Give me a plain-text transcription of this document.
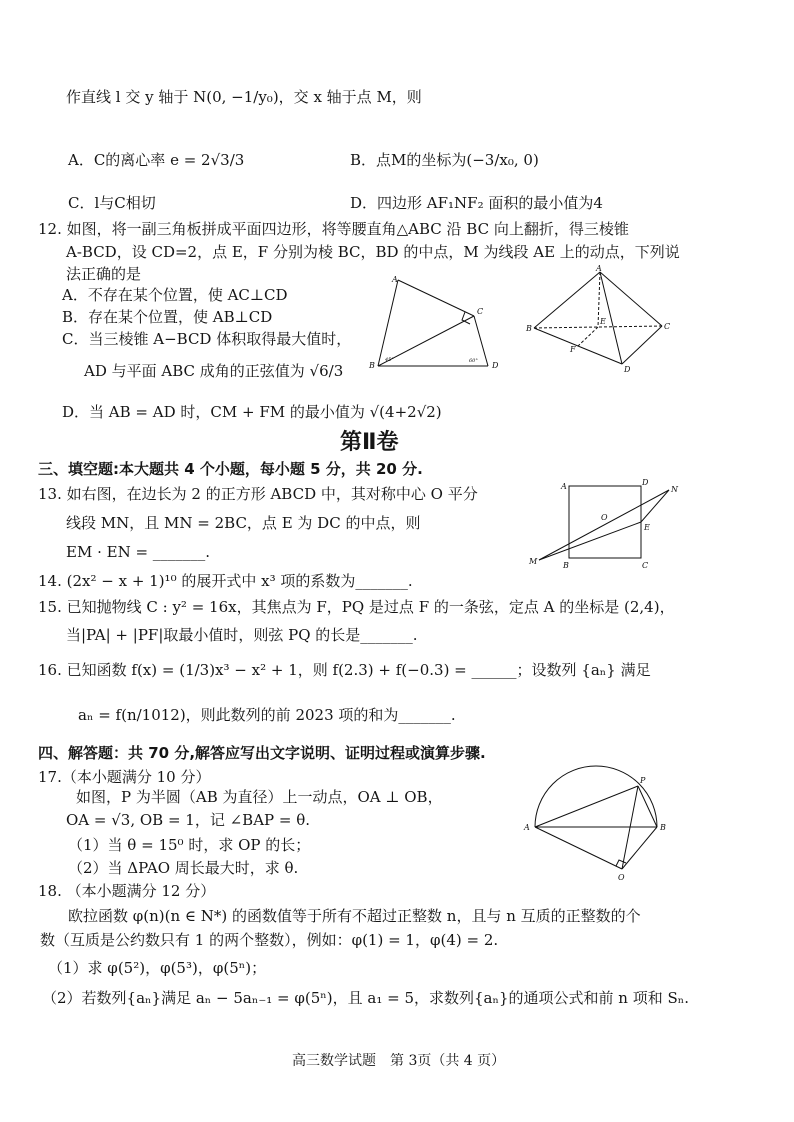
作直线 l 交 y 轴于 N(0, −1/y₀)，交 x 轴于点 M，则
A．C的离心率 e = 2√3/3	B．点M的坐标为(−3/x₀, 0)
C．l与C相切	D．四边形 AF₁NF₂ 面积的最小值为4
12. 如图，将一副三角板拼成平面四边形，将等腰直角△ABC 沿 BC 向上翻折，得三棱锥
A-BCD，设 CD=2，点 E，F 分别为棱 BC，BD 的中点，M 为线段 AE 上的动点，下列说
法正确的是
A．不存在某个位置，使 AC⊥CD
B．存在某个位置，使 AB⊥CD
C．当三棱锥 A−BCD 体积取得最大值时，
AD 与平面 ABC 成角的正弦值为 √6/3
D．当 AB = AD 时，CM + FM 的最小值为 √(4+2√2)
第Ⅱ卷
三、填空题:本大题共 4 个小题，每小题 5 分，共 20 分.
13. 如右图，在边长为 2 的正方形 ABCD 中，其对称中心 O 平分
线段 MN，且 MN = 2BC，点 E 为 DC 的中点，则
EM · EN = _______.
14. (2x² − x + 1)¹⁰ 的展开式中 x³ 项的系数为_______.
15. 已知抛物线 C : y² = 16x，其焦点为 F，PQ 是过点 F 的一条弦，定点 A 的坐标是 (2,4)，
当|PA| + |PF|取最小值时，则弦 PQ 的长是_______.
16. 已知函数 f(x) = (1/3)x³ − x² + 1，则 f(2.3) + f(−0.3) = ______；设数列 {aₙ} 满足
aₙ = f(n/1012)，则此数列的前 2023 项的和为_______.
四、解答题：共 70 分,解答应写出文字说明、证明过程或演算步骤.
17.（本小题满分 10 分）
如图，P 为半圆（AB 为直径）上一动点，OA ⊥ OB，
OA = √3, OB = 1，记 ∠BAP = θ.
（1）当 θ = 15⁰ 时，求 OP 的长；
（2）当 ΔPAO 周长最大时，求 θ.
18. （本小题满分 12 分）
欧拉函数 φ(n)(n ∈ N*) 的函数值等于所有不超过正整数 n，且与 n 互质的正整数的个
数（互质是公约数只有 1 的两个整数），例如：φ(1) = 1，φ(4) = 2.
（1）求 φ(5²)，φ(5³)，φ(5ⁿ)；
（2）若数列{aₙ}满足 aₙ − 5aₙ₋₁ = φ(5ⁿ)，且 a₁ = 5，求数列{aₙ}的通项公式和前 n 项和 Sₙ.
高三数学试题　第 3页（共 4 页）
A
B
C
D
45°	60°
A
B	C
D
E
F
A	D
B	C
M
N
O
E
A	B
O
P
